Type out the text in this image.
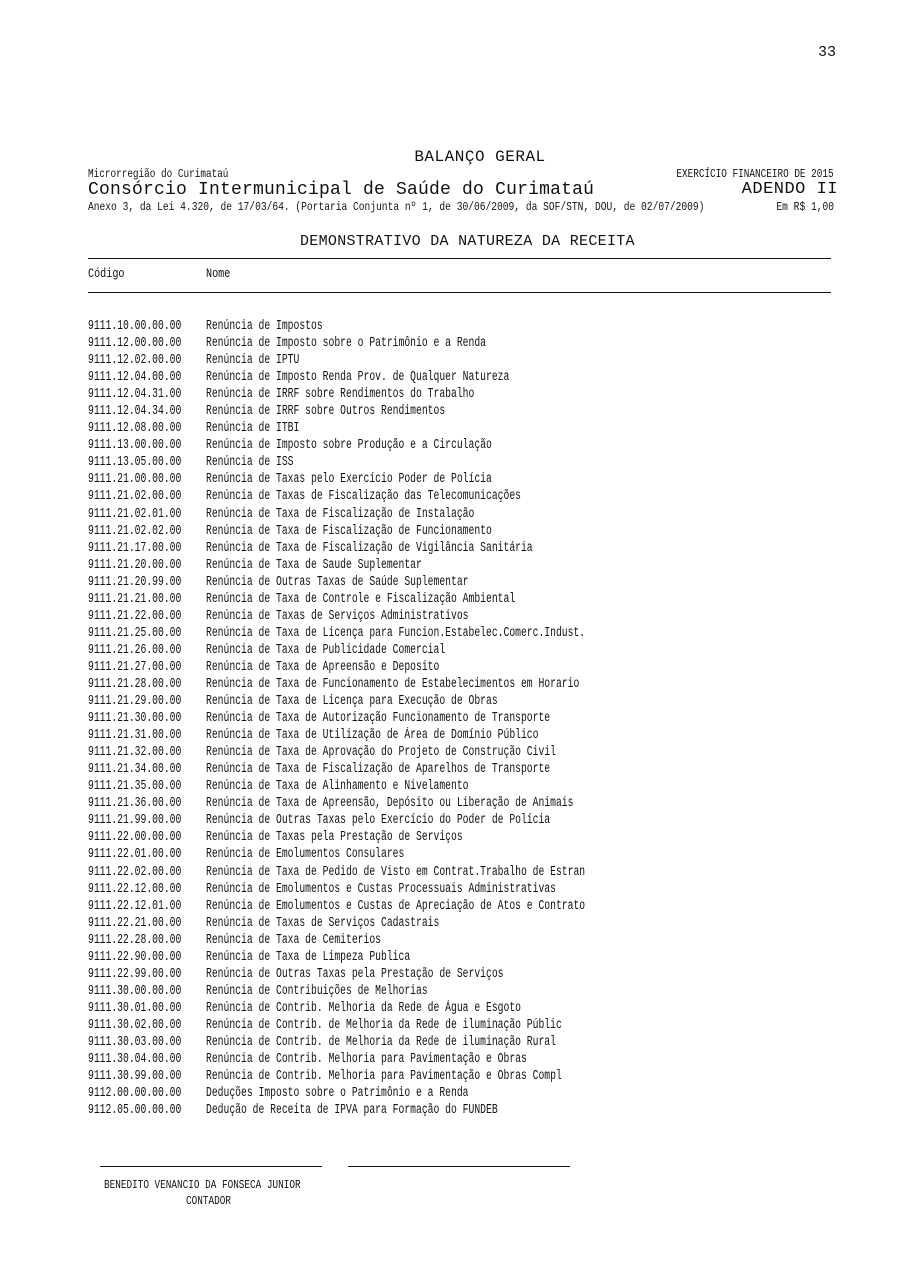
33
BALANÇO GERAL
Microrregião do Curimataú	EXERCÍCIO FINANCEIRO DE 2015
Consórcio Intermunicipal de Saúde do Curimataú	ADENDO II
Anexo 3, da Lei 4.320, de 17/03/64. (Portaria Conjunta nº 1, de 30/06/2009, da SOF/STN, DOU, de 02/07/2009)	Em R$ 1,00
DEMONSTRATIVO DA NATUREZA DA RECEITA
Código	Nome
9111.10.00.00.00 Renúncia de Impostos
9111.12.00.00.00 Renúncia de Imposto sobre o Patrimônio e a Renda
9111.12.02.00.00 Renúncia de IPTU
9111.12.04.00.00 Renúncia de Imposto Renda Prov. de Qualquer Natureza
9111.12.04.31.00 Renúncia de IRRF sobre Rendimentos do Trabalho
9111.12.04.34.00 Renúncia de IRRF sobre Outros Rendimentos
9111.12.08.00.00 Renúncia de ITBI
9111.13.00.00.00 Renúncia de Imposto sobre Produção e a Circulação
9111.13.05.00.00 Renúncia de ISS
9111.21.00.00.00 Renúncia de Taxas pelo Exercício Poder de Polícia
9111.21.02.00.00 Renúncia de Taxas de Fiscalização das Telecomunicações
9111.21.02.01.00 Renúncia de Taxa de Fiscalização de Instalação
9111.21.02.02.00 Renúncia de Taxa de Fiscalização de Funcionamento
9111.21.17.00.00 Renúncia de Taxa de Fiscalização de Vigilância Sanitária
9111.21.20.00.00 Renúncia de Taxa de Saude Suplementar
9111.21.20.99.00 Renúncia de Outras Taxas de Saúde Suplementar
9111.21.21.00.00 Renúncia de Taxa de Controle e Fiscalização Ambiental
9111.21.22.00.00 Renúncia de Taxas de Serviços Administrativos
9111.21.25.00.00 Renúncia de Taxa de Licença para Funcion.Estabelec.Comerc.Indust.
9111.21.26.00.00 Renúncia de Taxa de Publicidade Comercial
9111.21.27.00.00 Renúncia de Taxa de Apreensão e Deposito
9111.21.28.00.00 Renúncia de Taxa de Funcionamento de Estabelecimentos em Horario
9111.21.29.00.00 Renúncia de Taxa de Licença para Execução de Obras
9111.21.30.00.00 Renúncia de Taxa de Autorização Funcionamento de Transporte
9111.21.31.00.00 Renúncia de Taxa de Utilização de Área de Domínio Público
9111.21.32.00.00 Renúncia de Taxa de Aprovação do Projeto de Construção Civil
9111.21.34.00.00 Renúncia de Taxa de Fiscalização de Aparelhos de Transporte
9111.21.35.00.00 Renúncia de Taxa de Alinhamento e Nivelamento
9111.21.36.00.00 Renúncia de Taxa de Apreensão, Depósito ou Liberação de Animais
9111.21.99.00.00 Renúncia de Outras Taxas pelo Exercício do Poder de Polícia
9111.22.00.00.00 Renúncia de Taxas pela Prestação de Serviços
9111.22.01.00.00 Renúncia de Emolumentos Consulares
9111.22.02.00.00 Renúncia de Taxa de Pedido de Visto em Contrat.Trabalho de Estran
9111.22.12.00.00 Renúncia de Emolumentos e Custas Processuais Administrativas
9111.22.12.01.00 Renúncia de Emolumentos e Custas de Apreciação de Atos e Contrato
9111.22.21.00.00 Renúncia de Taxas de Serviços Cadastrais
9111.22.28.00.00 Renúncia de Taxa de Cemiterios
9111.22.90.00.00 Renúncia de Taxa de Limpeza Publica
9111.22.99.00.00 Renúncia de Outras Taxas pela Prestação de Serviços
9111.30.00.00.00 Renúncia de Contribuições de Melhorias
9111.30.01.00.00 Renúncia de Contrib. Melhoria da Rede de Água e Esgoto
9111.30.02.00.00 Renúncia de Contrib. de Melhoria da Rede de iluminação Públic
9111.30.03.00.00 Renúncia de Contrib. de Melhoria da Rede de iluminação Rural
9111.30.04.00.00 Renúncia de Contrib. Melhoria para Pavimentação e Obras
9111.30.99.00.00 Renúncia de Contrib. Melhoria para Pavimentação e Obras Compl
9112.00.00.00.00 Deduções Imposto sobre o Patrimônio e a Renda
9112.05.00.00.00 Dedução de Receita de IPVA para Formação do FUNDEB
BENEDITO VENANCIO DA FONSECA JUNIOR
CONTADOR
